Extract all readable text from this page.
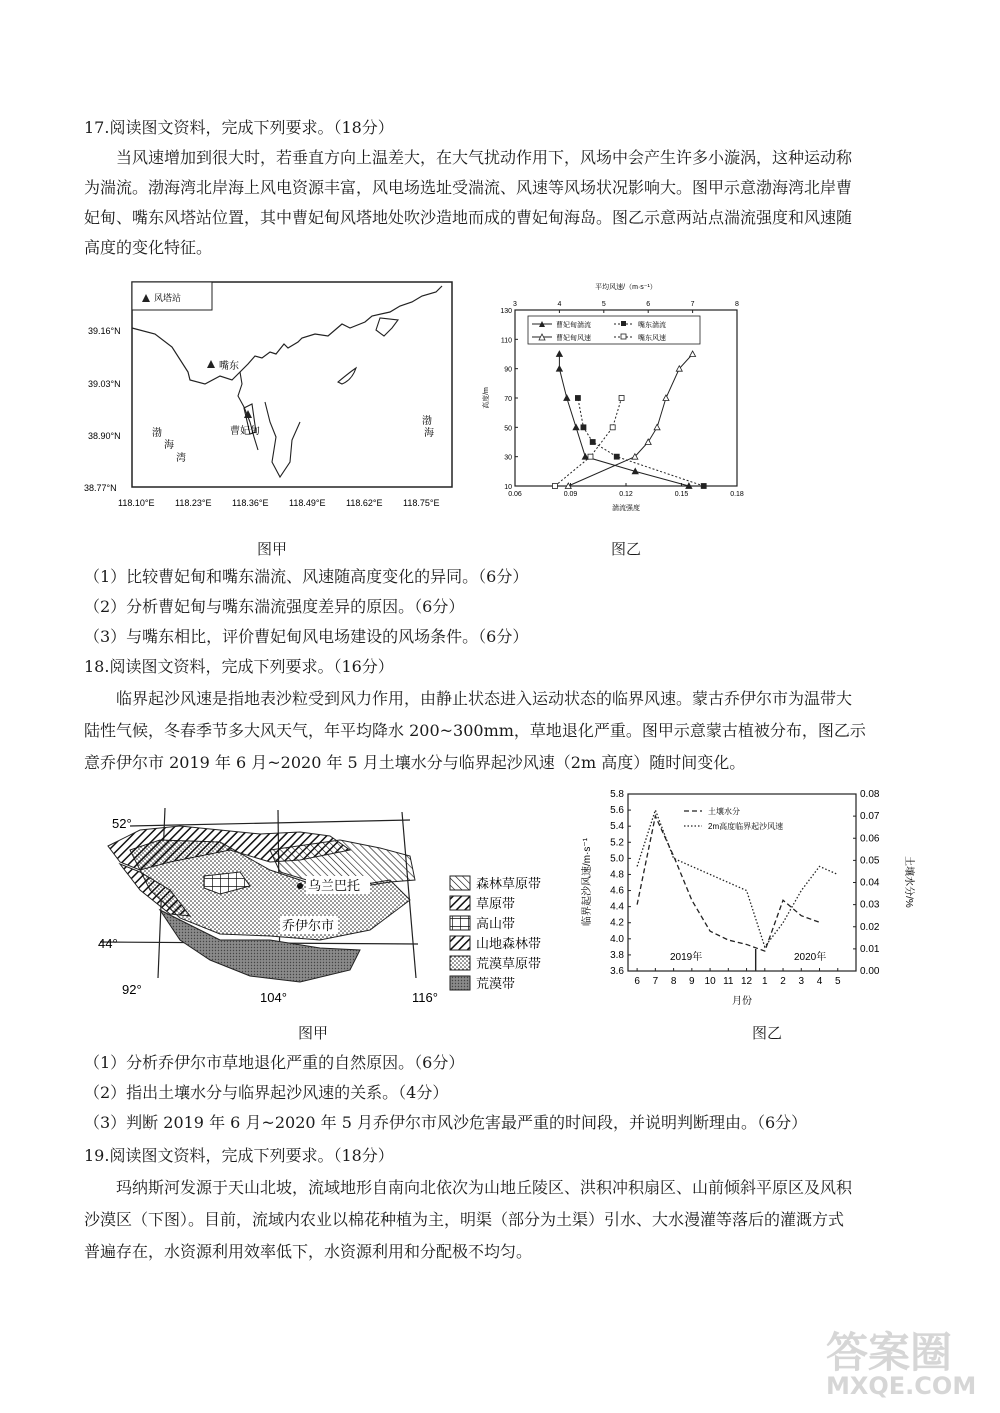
17.阅读图文资料，完成下列要求。（18分）
当风速增加到很大时，若垂直方向上温差大，在大气扰动作用下，风场中会产生许多小漩涡，这种运动称
为湍流。渤海湾北岸海上风电资源丰富，风电场选址受湍流、风速等风场状况影响大。图甲示意渤海湾北岸曹
妃甸、嘴东风塔站位置，其中曹妃甸风塔地处吹沙造地而成的曹妃甸海岛。图乙示意两站点湍流强度和风速随
高度的变化特征。
风塔站
嘴东
曹妃甸
渤
海
湾
渤
海
39.16°N
39.03°N
38.90°N
38.77°N
118.10°E 118.23°E 118.36°E 118.49°E 118.62°E 118.75°E
平均风速/（m·s⁻¹）
湍流强度
高度/m
10
30
50
70
90
110
130
0.06	0.09	0.12	0.15	0.18
3	4	5	6	7	8
曹妃甸湍流
曹妃甸风速
嘴东湍流
嘴东风速
图甲	图乙
（1）比较曹妃甸和嘴东湍流、风速随高度变化的异同。（6分）
（2）分析曹妃甸与嘴东湍流强度差异的原因。（6分）
（3）与嘴东相比，评价曹妃甸风电场建设的风场条件。（6分）
18.阅读图文资料，完成下列要求。（16分）
临界起沙风速是指地表沙粒受到风力作用，由静止状态进入运动状态的临界风速。蒙古乔伊尔市为温带大
陆性气候，冬春季节多大风天气，年平均降水 200~300mm，草地退化严重。图甲示意蒙古植被分布，图乙示
意乔伊尔市 2019 年 6 月~2020 年 5 月土壤水分与临界起沙风速（2m 高度）随时间变化。
乌兰巴托
乔伊尔市
52°
44°
92°
104°	116°
森林草原带
草原带
高山带
山地森林带
荒漠草原带
荒漠带
临界起沙风速/m·s⁻¹	土壤水分/%
月份
3.6
3.8
4.0
4.2
4.4
4.6
4.8
5.0
5.2
5.4
5.6
5.8
0.00
0.01
0.02
0.03
0.04
0.05
0.06
0.07
0.08
6 7 8 9 10 11 12 1 2 3 4 5
2019年	2020年
土壤水分
2m高度临界起沙风速
图甲	图乙
（1）分析乔伊尔市草地退化严重的自然原因。（6分）
（2）指出土壤水分与临界起沙风速的关系。（4分）
（3）判断 2019 年 6 月~2020 年 5 月乔伊尔市风沙危害最严重的时间段，并说明判断理由。（6分）
19.阅读图文资料，完成下列要求。（18分）
玛纳斯河发源于天山北坡，流域地形自南向北依次为山地丘陵区、洪积冲积扇区、山前倾斜平原区及风积
沙漠区（下图）。目前，流域内农业以棉花种植为主，明渠（部分为土渠）引水、大水漫灌等落后的灌溉方式
普遍存在，水资源利用效率低下，水资源利用和分配极不均匀。
答案圈
MXQE.COM
